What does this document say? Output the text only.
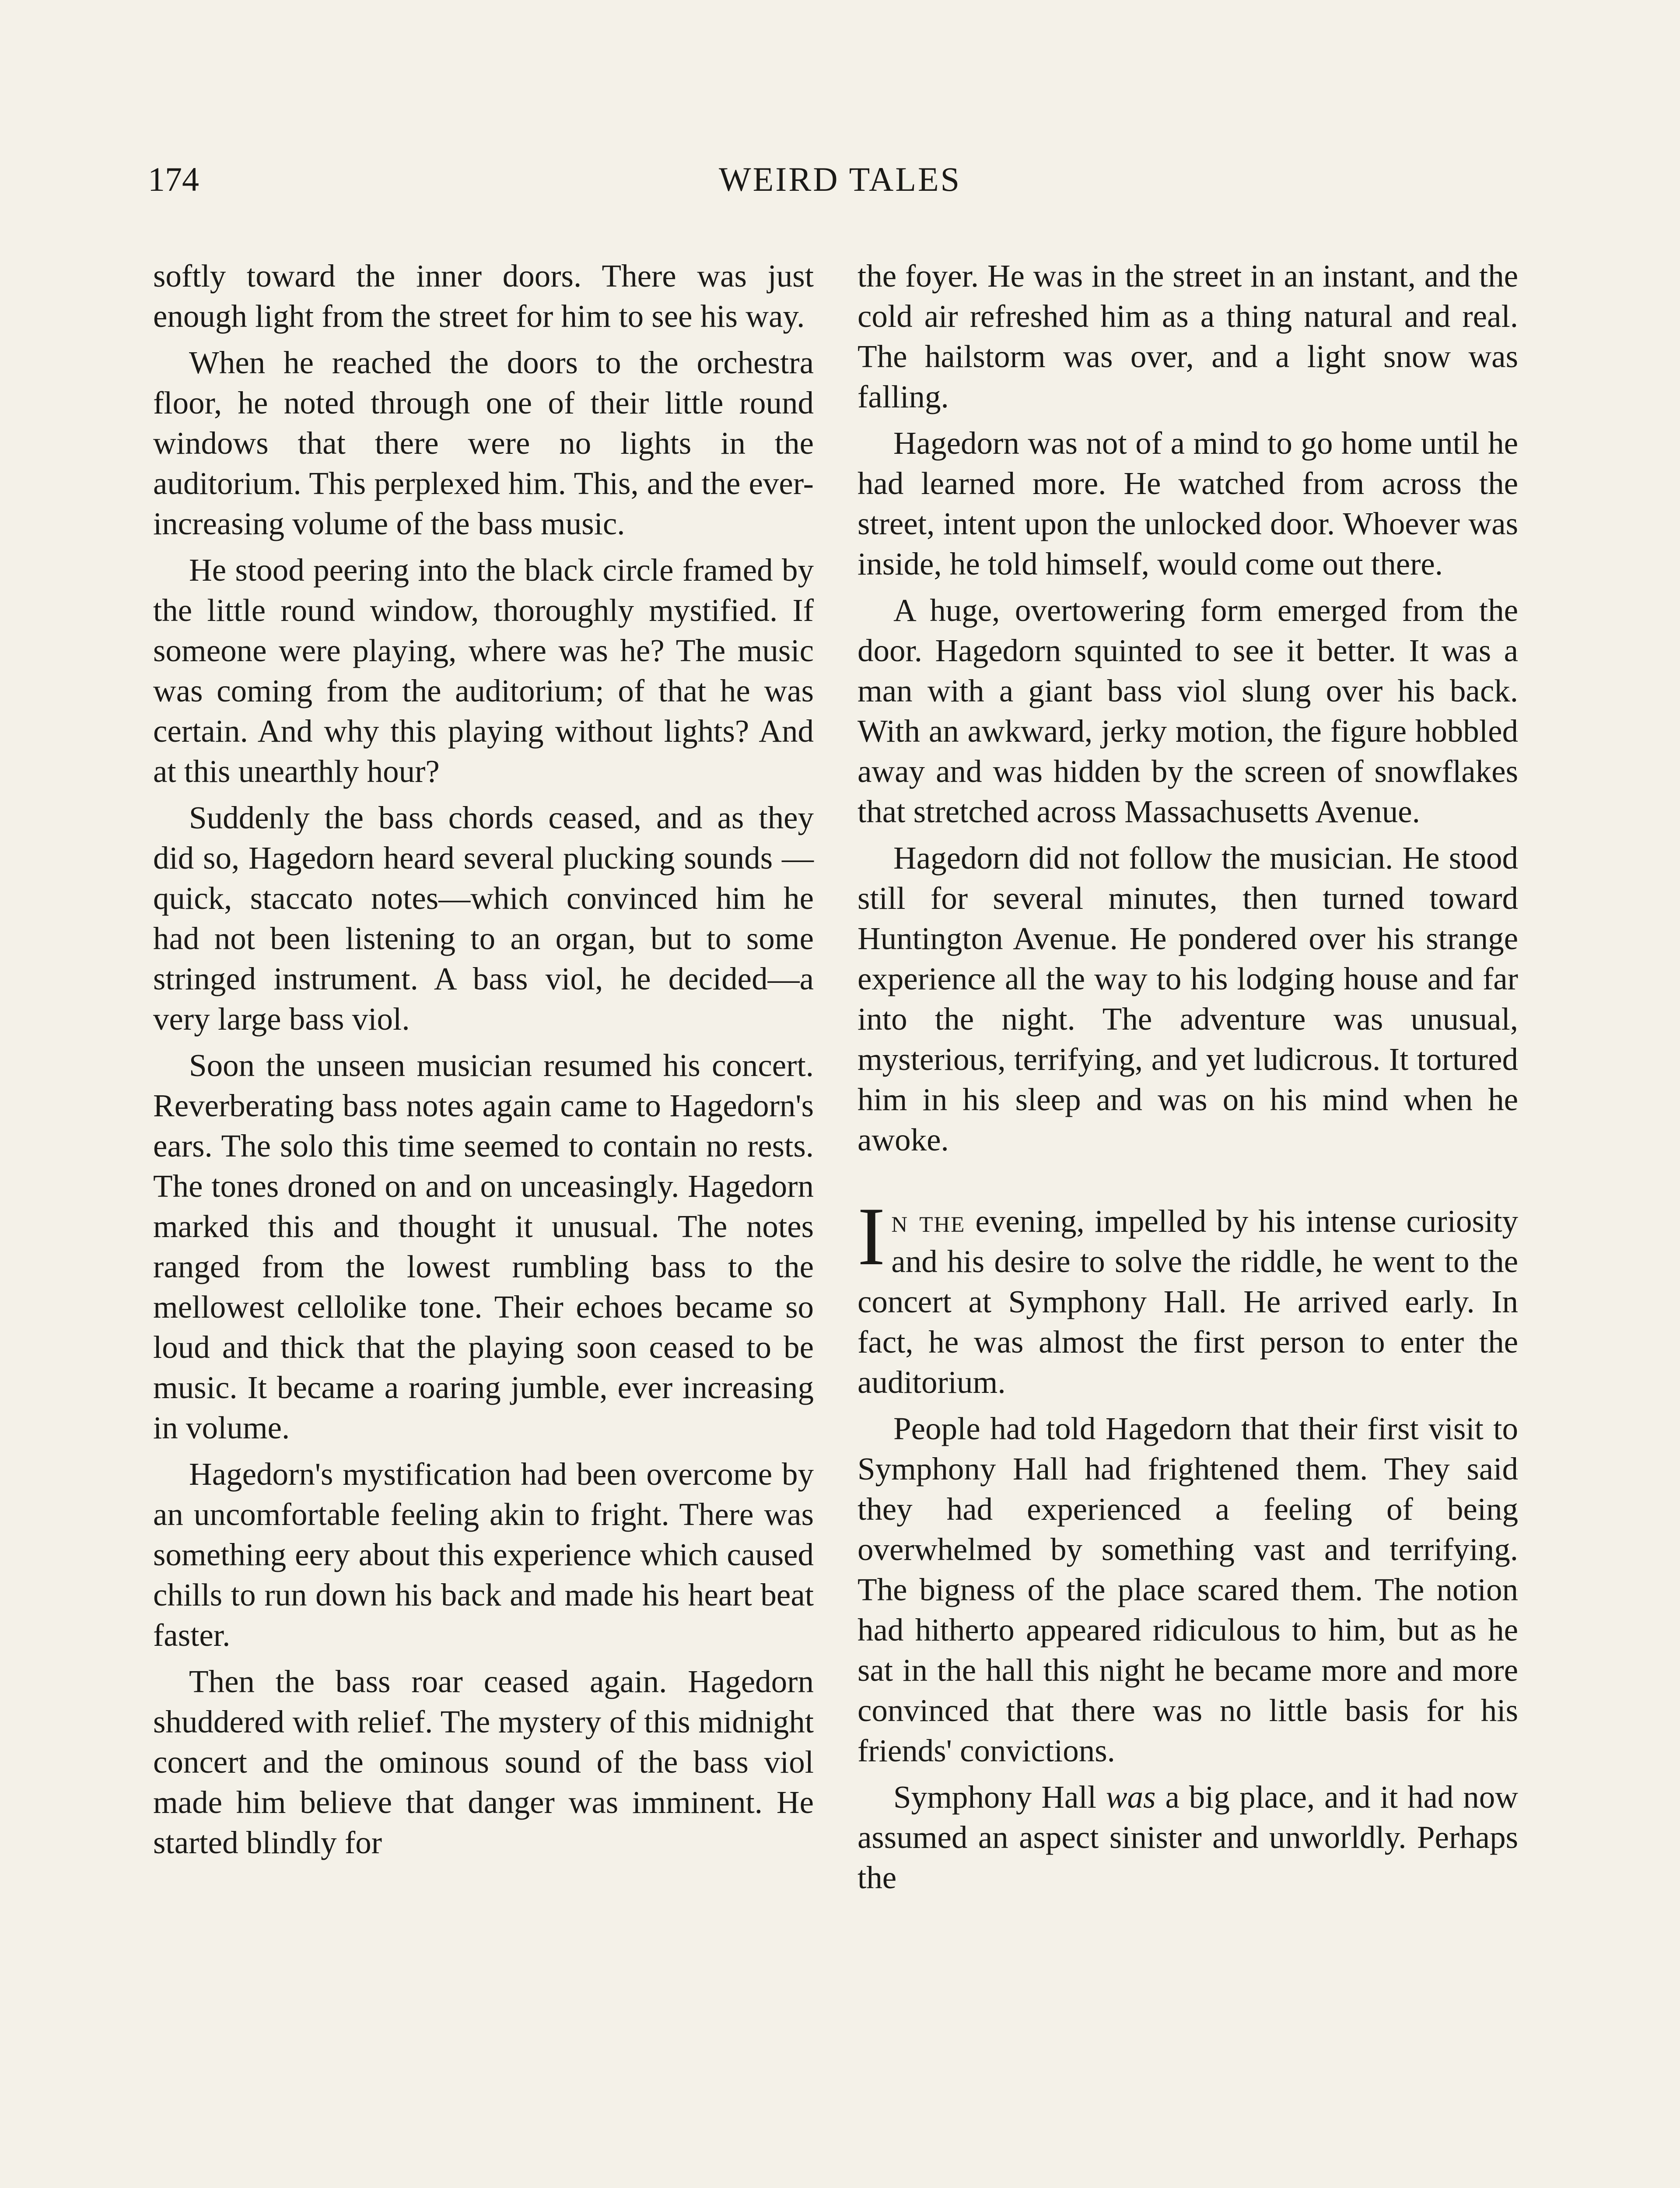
174	WEIRD TALES

softly toward the inner doors. There was just enough light from the street for him to see his way.

When he reached the doors to the orchestra floor, he noted through one of their little round windows that there were no lights in the auditorium. This perplexed him. This, and the ever-increasing volume of the bass music.

He stood peering into the black circle framed by the little round window, thoroughly mystified. If someone were playing, where was he? The music was coming from the auditorium; of that he was certain. And why this playing without lights? And at this unearthly hour?

Suddenly the bass chords ceased, and as they did so, Hagedorn heard several plucking sounds — quick, staccato notes—which convinced him he had not been listening to an organ, but to some stringed instrument. A bass viol, he decided—a very large bass viol.

Soon the unseen musician resumed his concert. Reverberating bass notes again came to Hagedorn's ears. The solo this time seemed to contain no rests. The tones droned on and on unceasingly. Hagedorn marked this and thought it unusual. The notes ranged from the lowest rumbling bass to the mellowest cellolike tone. Their echoes became so loud and thick that the playing soon ceased to be music. It became a roaring jumble, ever increasing in volume.

Hagedorn's mystification had been overcome by an uncomfortable feeling akin to fright. There was something eery about this experience which caused chills to run down his back and made his heart beat faster.

Then the bass roar ceased again. Hagedorn shuddered with relief. The mystery of this midnight concert and the ominous sound of the bass viol made him believe that danger was imminent. He started blindly for

the foyer. He was in the street in an instant, and the cold air refreshed him as a thing natural and real. The hailstorm was over, and a light snow was falling.

Hagedorn was not of a mind to go home until he had learned more. He watched from across the street, intent upon the unlocked door. Whoever was inside, he told himself, would come out there.

A huge, overtowering form emerged from the door. Hagedorn squinted to see it better. It was a man with a giant bass viol slung over his back. With an awkward, jerky motion, the figure hobbled away and was hidden by the screen of snowflakes that stretched across Massachusetts Avenue.

Hagedorn did not follow the musician. He stood still for several minutes, then turned toward Huntington Avenue. He pondered over his strange experience all the way to his lodging house and far into the night. The adventure was unusual, mysterious, terrifying, and yet ludicrous. It tortured him in his sleep and was on his mind when he awoke.

In the evening, impelled by his intense curiosity and his desire to solve the riddle, he went to the concert at Symphony Hall. He arrived early. In fact, he was almost the first person to enter the auditorium.

People had told Hagedorn that their first visit to Symphony Hall had frightened them. They said they had experienced a feeling of being overwhelmed by something vast and terrifying. The bigness of the place scared them. The notion had hitherto appeared ridiculous to him, but as he sat in the hall this night he became more and more convinced that there was no little basis for his friends' convictions.

Symphony Hall was a big place, and it had now assumed an aspect sinister and unworldly. Perhaps the
